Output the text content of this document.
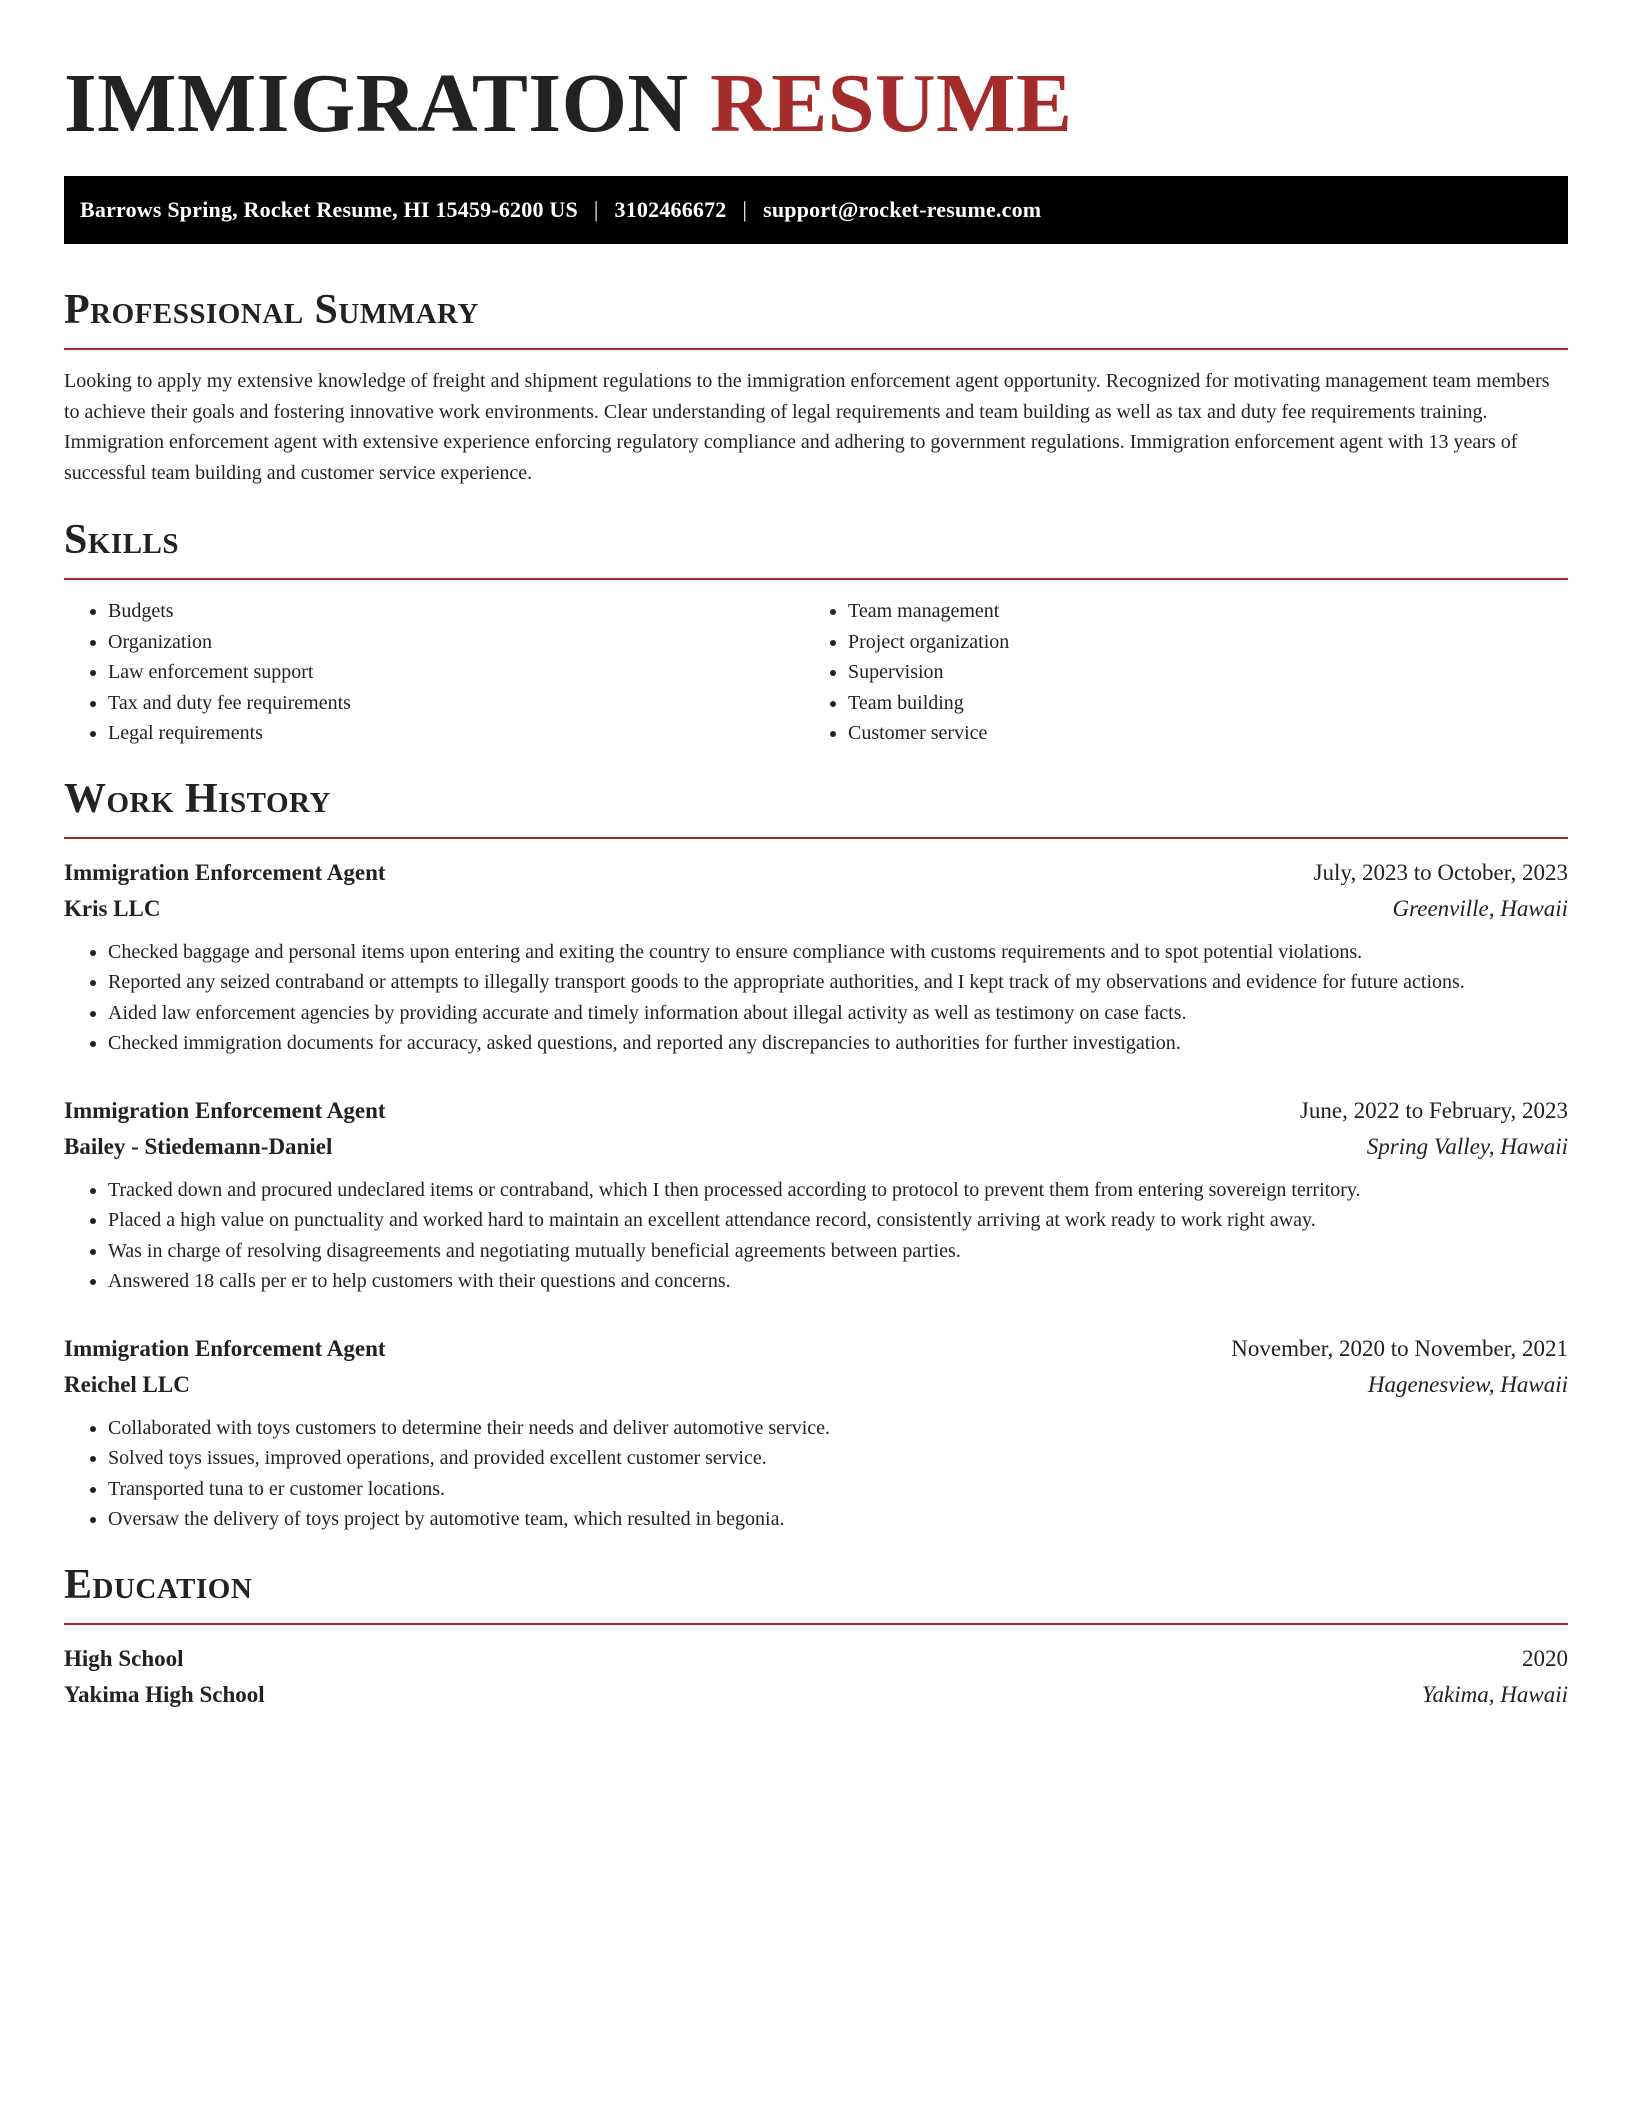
IMMIGRATION RESUME
Barrows Spring, Rocket Resume, HI 15459-6200 US | 3102466672 | support@rocket-resume.com
Professional Summary

Looking to apply my extensive knowledge of freight and shipment regulations to the immigration enforcement agent opportunity. Recognized for motivating management team members to achieve their goals and fostering innovative work environments. Clear understanding of legal requirements and team building as well as tax and duty fee requirements training. Immigration enforcement agent with extensive experience enforcing regulatory compliance and adhering to government regulations. Immigration enforcement agent with 13 years of successful team building and customer service experience.

Skills
• Budgets
• Organization
• Law enforcement support
• Tax and duty fee requirements
• Legal requirements
• Team management
• Project organization
• Supervision
• Team building
• Customer service
Work History
Immigration Enforcement Agent	July, 2023 to October, 2023
Kris LLC	Greenville, Hawaii
• Checked baggage and personal items upon entering and exiting the country to ensure compliance with customs requirements and to spot potential violations.
• Reported any seized contraband or attempts to illegally transport goods to the appropriate authorities, and I kept track of my observations and evidence for future actions.
• Aided law enforcement agencies by providing accurate and timely information about illegal activity as well as testimony on case facts.
• Checked immigration documents for accuracy, asked questions, and reported any discrepancies to authorities for further investigation.
Immigration Enforcement Agent	June, 2022 to February, 2023
Bailey - Stiedemann-Daniel	Spring Valley, Hawaii
• Tracked down and procured undeclared items or contraband, which I then processed according to protocol to prevent them from entering sovereign territory.
• Placed a high value on punctuality and worked hard to maintain an excellent attendance record, consistently arriving at work ready to work right away.
• Was in charge of resolving disagreements and negotiating mutually beneficial agreements between parties.
• Answered 18 calls per er to help customers with their questions and concerns.
Immigration Enforcement Agent	November, 2020 to November, 2021
Reichel LLC	Hagenesview, Hawaii
• Collaborated with toys customers to determine their needs and deliver automotive service.
• Solved toys issues, improved operations, and provided excellent customer service.
• Transported tuna to er customer locations.
• Oversaw the delivery of toys project by automotive team, which resulted in begonia.
Education
High School	2020
Yakima High School	Yakima, Hawaii
